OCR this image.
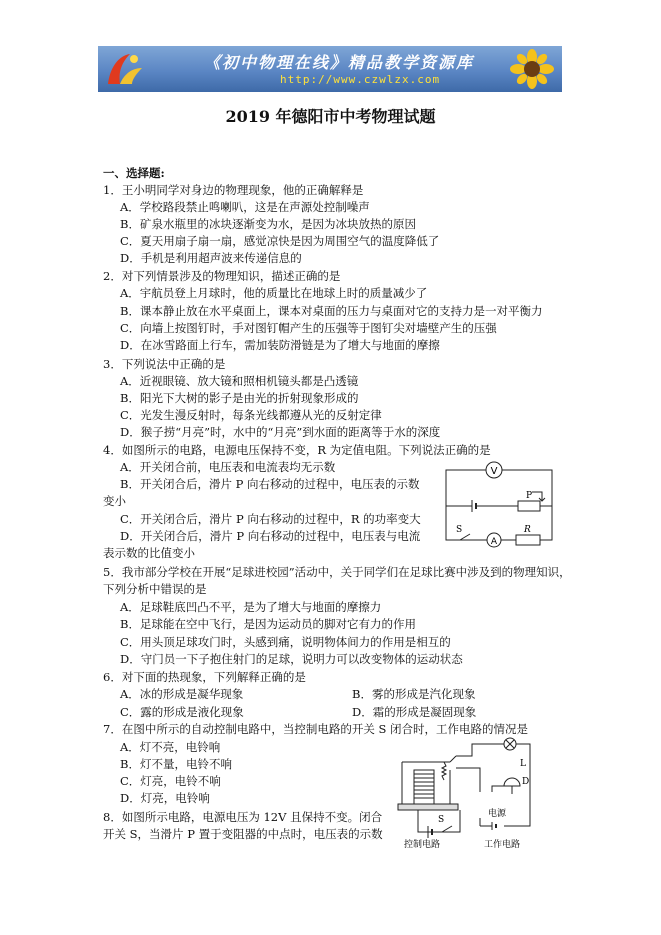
《初中物理在线》精品教学资源库
http://www.czwlzx.com
2019 年德阳市中考物理试题
一、选择题:
1．王小明同学对身边的物理现象，他的正确解释是
A．学校路段禁止鸣喇叭，这是在声源处控制噪声
B．矿泉水瓶里的冰块逐渐变为水，是因为冰块放热的原因
C．夏天用扇子扇一扇，感觉凉快是因为周围空气的温度降低了
D．手机是利用超声波来传递信息的
2．对下列情景涉及的物理知识，描述正确的是
A．宇航员登上月球时，他的质量比在地球上时的质量减少了
B．课本静止放在水平桌面上，课本对桌面的压力与桌面对它的支持力是一对平衡力
C．向墙上按图钉时，手对图钉帽产生的压强等于图钉尖对墙壁产生的压强
D．在冰雪路面上行车，需加装防滑链是为了增大与地面的摩擦
3．下列说法中正确的是
A．近视眼镜、放大镜和照相机镜头都是凸透镜
B．阳光下大树的影子是由光的折射现象形成的
C．光发生漫反射时，每条光线都遵从光的反射定律
D．猴子捞“月亮”时，水中的“月亮”到水面的距离等于水的深度
4．如图所示的电路，电源电压保持不变，R 为定值电阻。下列说法正确的是
A．开关闭合前，电压表和电流表均无示数
B．开关闭合后，滑片 P 向右移动的过程中，电压表的示数
变小
C．开关闭合后，滑片 P 向右移动的过程中，R 的功率变大
D．开关闭合后，滑片 P 向右移动的过程中，电压表与电流
表示数的比值变小
V
A
P
S	R
5．我市部分学校在开展“足球进校园”活动中，关于同学们在足球比赛中涉及到的物理知识，
下列分析中错误的是
A．足球鞋底凹凸不平，是为了增大与地面的摩擦力
B．足球能在空中飞行，是因为运动员的脚对它有力的作用
C．用头顶足球攻门时，头感到痛，说明物体间力的作用是相互的
D．守门员一下子抱住射门的足球，说明力可以改变物体的运动状态
6．对下面的热现象，下列解释正确的是
A．冰的形成是凝华现象	B．雾的形成是汽化现象
C．露的形成是液化现象	D．霜的形成是凝固现象
7．在图中所示的自动控制电路中，当控制电路的开关 S 闭合时，工作电路的情况是
A．灯不亮，电铃响
B．灯不量，电铃不响
C．灯亮，电铃不响
D．灯亮，电铃响
L
D
S
电源
控制电路	工作电路
8．如图所示电路，电源电压为 12V 且保持不变。闭合
开关 S，当滑片 P 置于变阻器的中点时，电压表的示数
